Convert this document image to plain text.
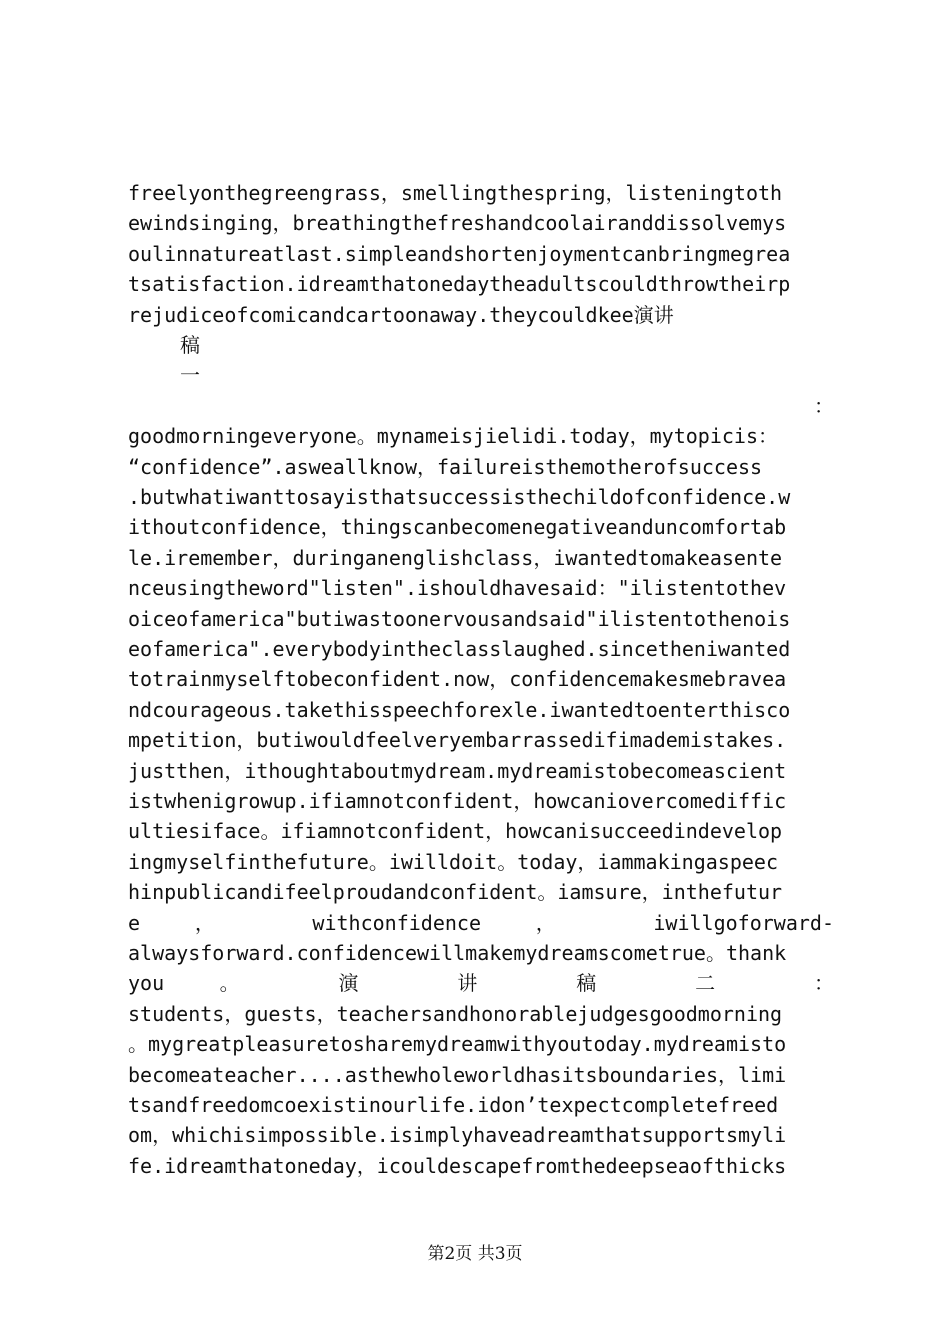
freelyonthegreengrass，smellingthespring，listeningtoth
ewindsinging，breathingthefreshandcoolairanddissolvemys
oulinnatureatlast.simpleandshortenjoymentcanbringmegrea
tsatisfaction.idreamthatonedaytheadultscouldthrowtheirp
rejudiceofcomicandcartoonaway.theycouldkee演讲
稿
一
：
goodmorningeveryone。mynameisjielidi.today，mytopicis：
“confidence”.asweallknow，failureisthemotherofsuccess
.butwhatiwanttosayisthatsuccessisthechildofconfidence.w
ithoutconfidence，thingscanbecomenegativeanduncomfortab
le.iremember，duringanenglishclass，iwantedtomakeasente
nceusingtheword"listen".ishouldhavesaid："ilistentothev
oiceofamerica"butiwastoonervousandsaid"ilistentothenois
eofamerica".everybodyintheclasslaughed.sincetheniwanted
totrainmyselftobeconfident.now，confidencemakesmebravea
ndcourageous.takethisspeechforexle.iwantedtoenterthisco
mpetition，butiwouldfeelveryembarrassedifimademistakes.
justthen，ithoughtaboutmydream.mydreamistobecomeascient
istwhenigrowup.ifiamnotconfident，howcaniovercomediffic
ultiesiface。ifiamnotconfident，howcanisucceedindevelop
ingmyselfinthefuture。iwilldoit。today，iammakingaspeec
hinpublicandifeelproudandconfident。iamsure，inthefutur
e ， withconfidence ， iwillgoforward-
alwaysforward.confidencewillmakemydreamscometrue。thank
you 。 演 讲 稿 二 ：
students，guests，teachersandhonorablejudgesgoodmorning
。mygreatpleasuretosharemydreamwithyoutoday.mydreamisto
becomeateacher....asthewholeworldhasitsboundaries，limi
tsandfreedomcoexistinourlife.idon’texpectcompletefreed
om，whichisimpossible.isimplyhaveadreamthatsupportsmyli
fe.idreamthatoneday，icouldescapefromthedeepseaofthicks
第2页 共3页
